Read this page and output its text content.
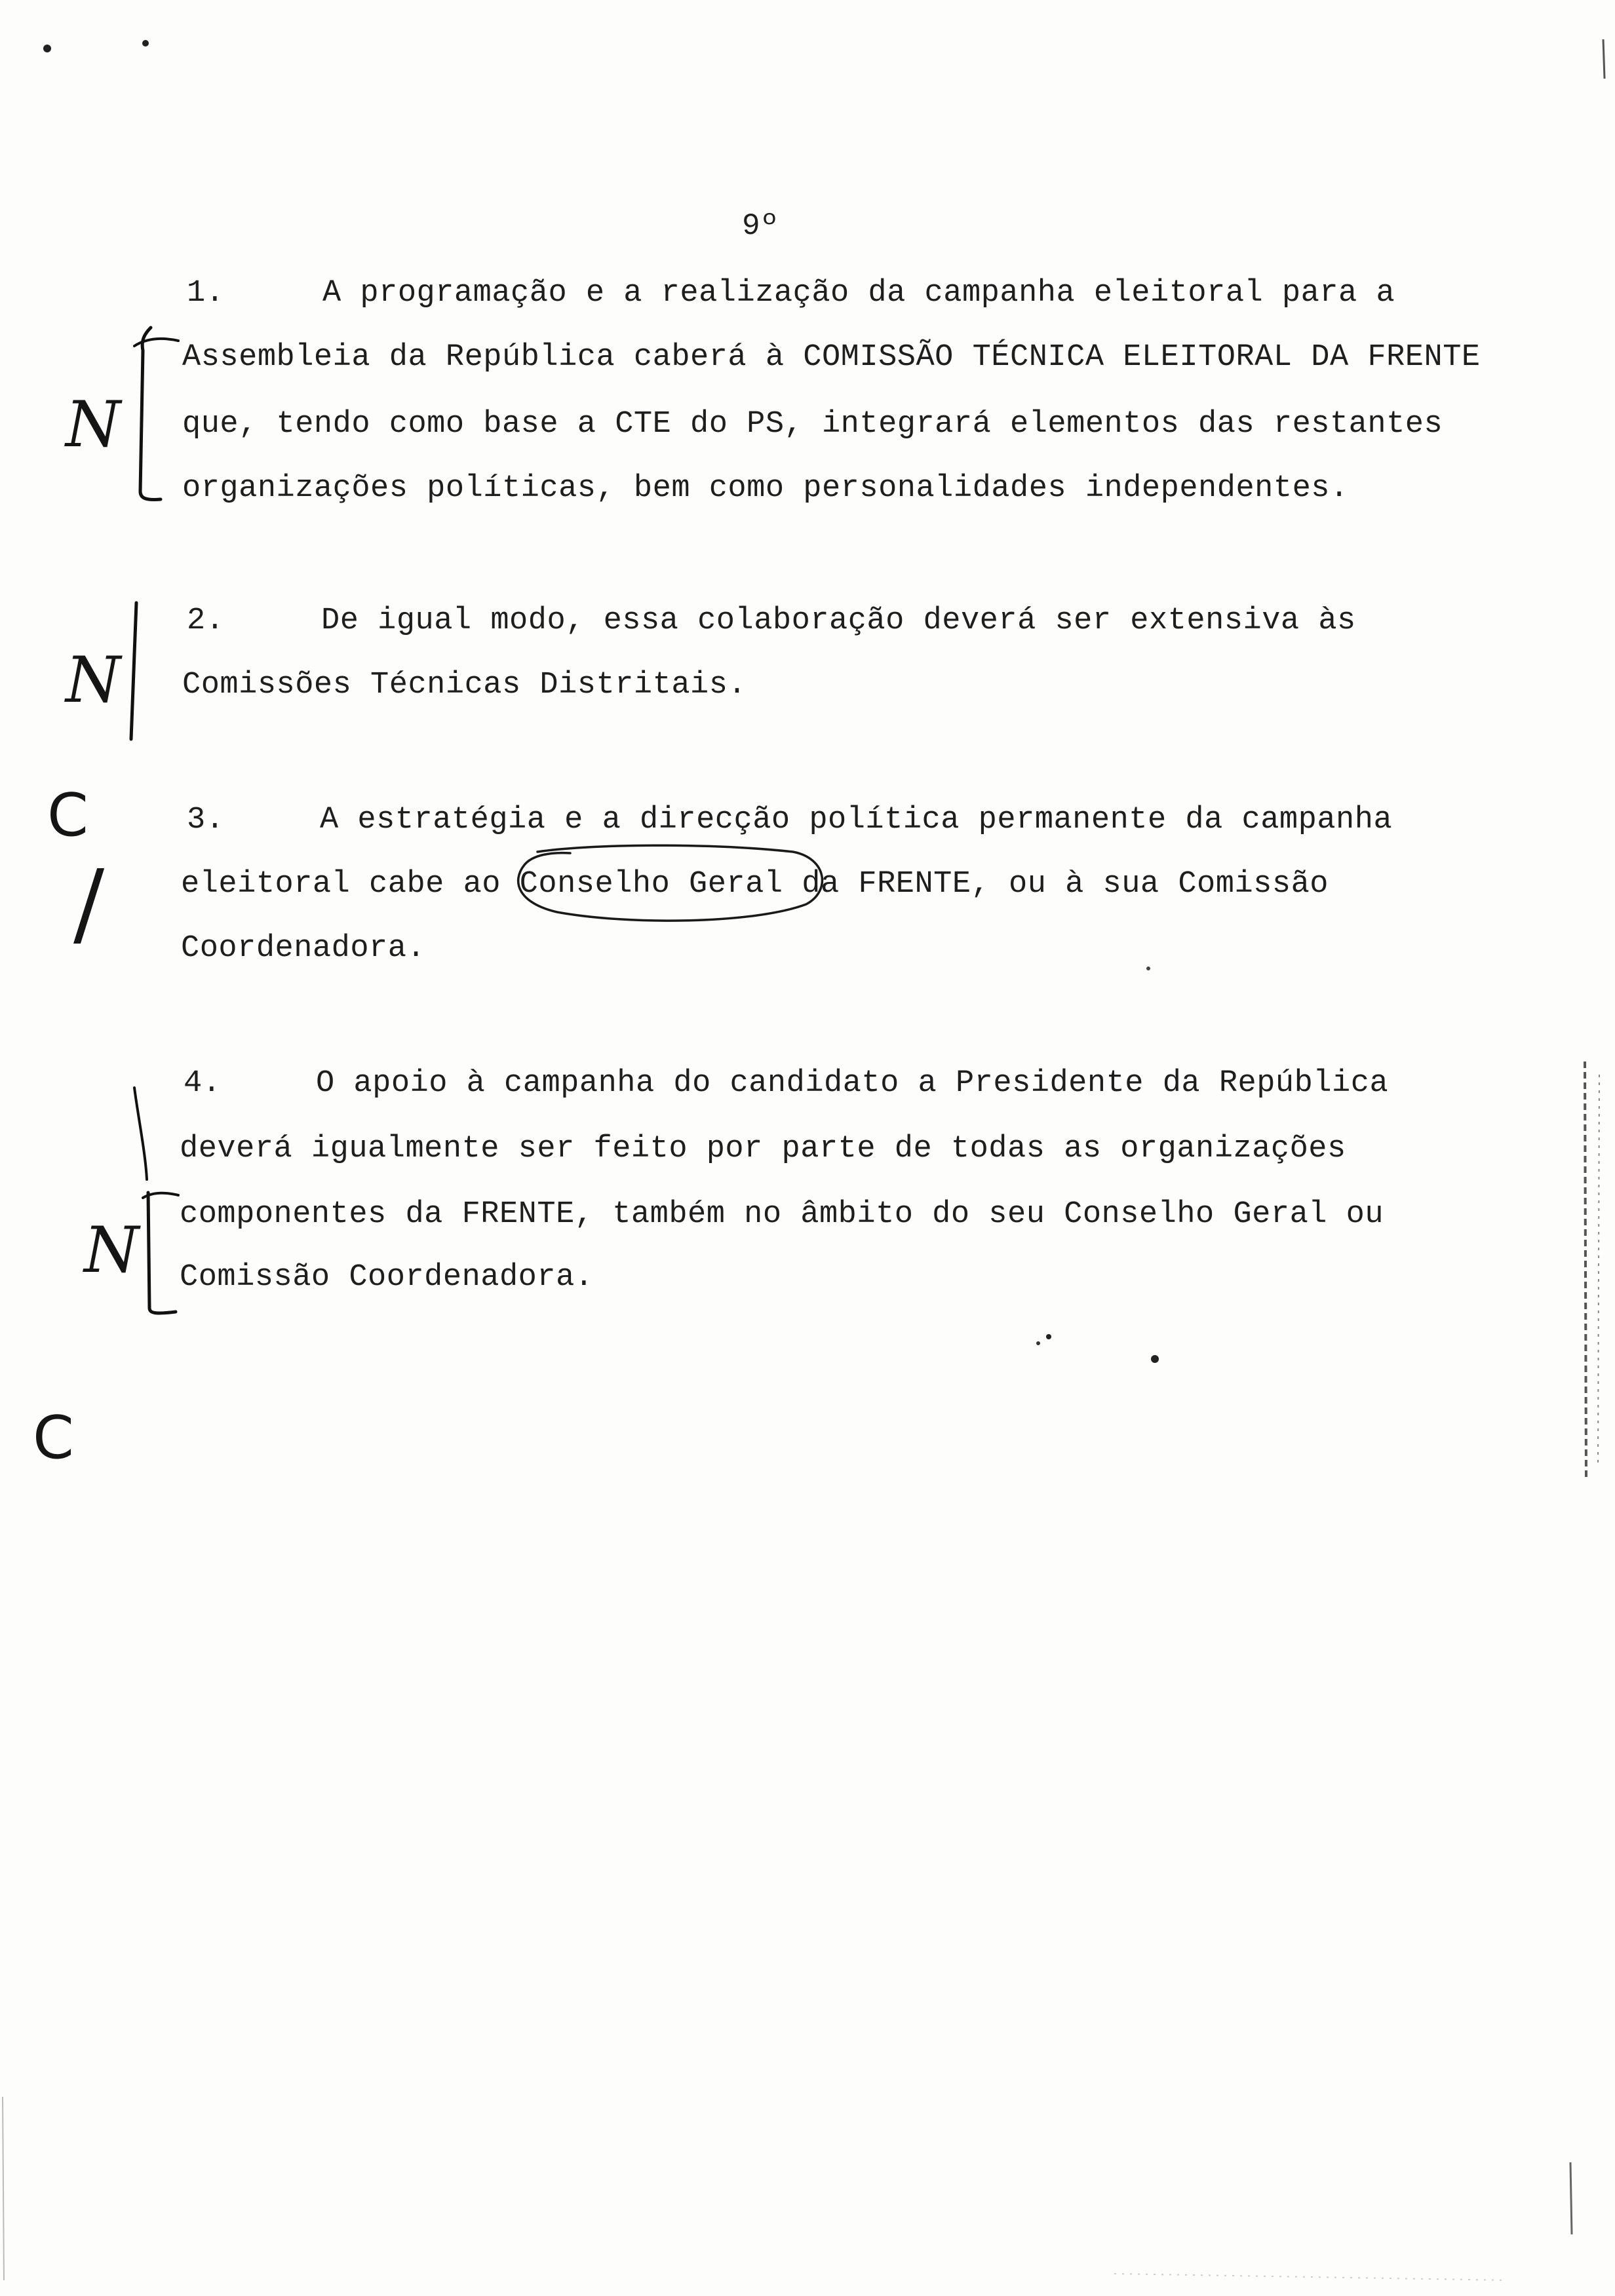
9º
1.	A programação e a realização da campanha eleitoral para a
Assembleia da República caberá à COMISSÃO TÉCNICA ELEITORAL DA FRENTE
que, tendo como base a CTE do PS, integrará elementos das restantes
organizações políticas, bem como personalidades independentes.
2.	De igual modo, essa colaboração deverá ser extensiva às
Comissões Técnicas Distritais.
3.	A estratégia e a direcção política permanente da campanha
eleitoral cabe ao Conselho Geral da FRENTE, ou à sua Comissão
Coordenadora.
4.	O apoio à campanha do candidato a Presidente da República
deverá igualmente ser feito por parte de todas as organizações
componentes da FRENTE, também no âmbito do seu Conselho Geral ou
Comissão Coordenadora.
N
N
C
/
N
C
